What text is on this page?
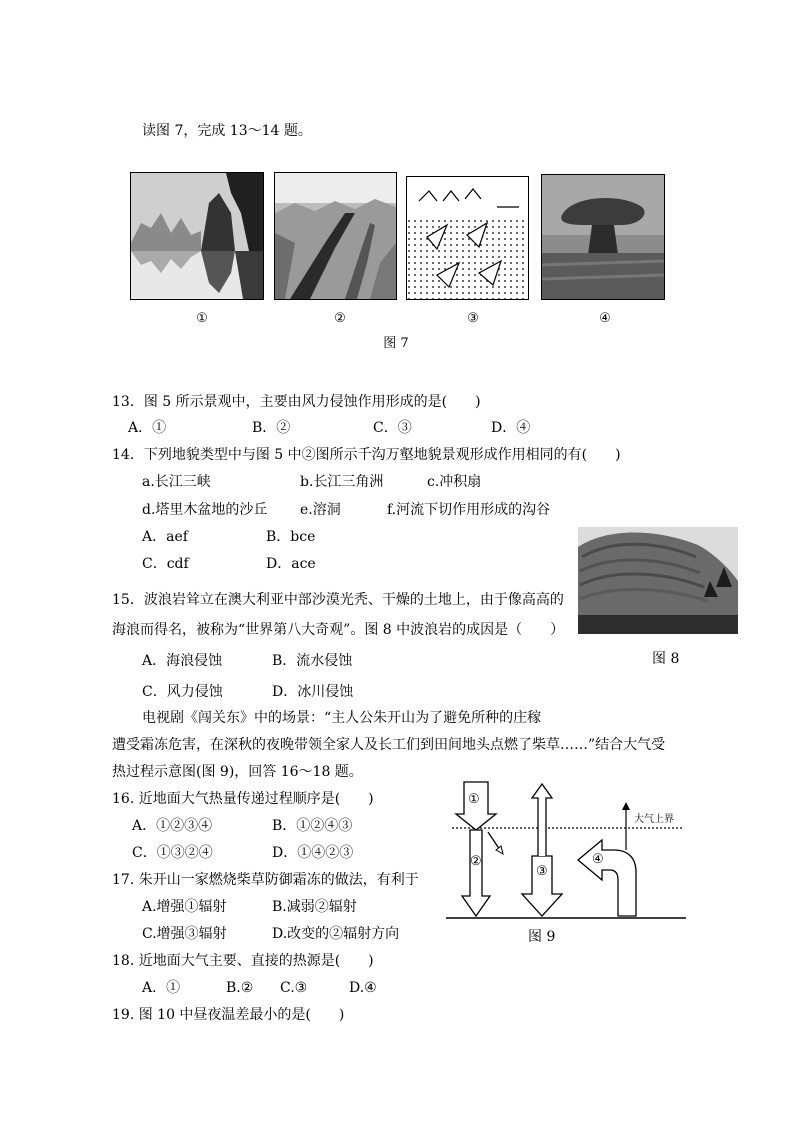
读图 7，完成 13～14 题。
①	②	③	④
图 7
13．图 5 所示景观中，主要由风力侵蚀作用形成的是(　　)
A．①	B．②	C．③	D．④
14．下列地貌类型中与图 5 中②图所示千沟万壑地貌景观形成作用相同的有(　　)
a.长江三峡	b.长江三角洲	c.冲积扇
d.塔里木盆地的沙丘 e.溶洞	f.河流下切作用形成的沟谷
A．aef	B．bce
C．cdf	D．ace
15．波浪岩耸立在澳大利亚中部沙漠光秃、干燥的土地上，由于像高高的
海浪而得名，被称为“世界第八大奇观”。图 8 中波浪岩的成因是（　　）
A．海浪侵蚀	B．流水侵蚀	图 8
C．风力侵蚀	D．冰川侵蚀
电视剧《闯关东》中的场景：“主人公朱开山为了避免所种的庄稼
遭受霜冻危害，在深秋的夜晚带领全家人及长工们到田间地头点燃了柴草……”结合大气受
热过程示意图(图 9)，回答 16～18 题。
16. 近地面大气热量传递过程顺序是(　　)
A．①②③④	B．①②④③
C．①③②④	D．①④②③
17. 朱开山一家燃烧柴草防御霜冻的做法，有利于
A.增强①辐射	B.减弱②辐射
C.增强③辐射	D.改变的②辐射方向
18. 近地面大气主要、直接的热源是(　　)
A．①	B.② C.③	D.④
19. 图 10 中昼夜温差最小的是(　　)
①
②
③
④
大气上界
图 9
